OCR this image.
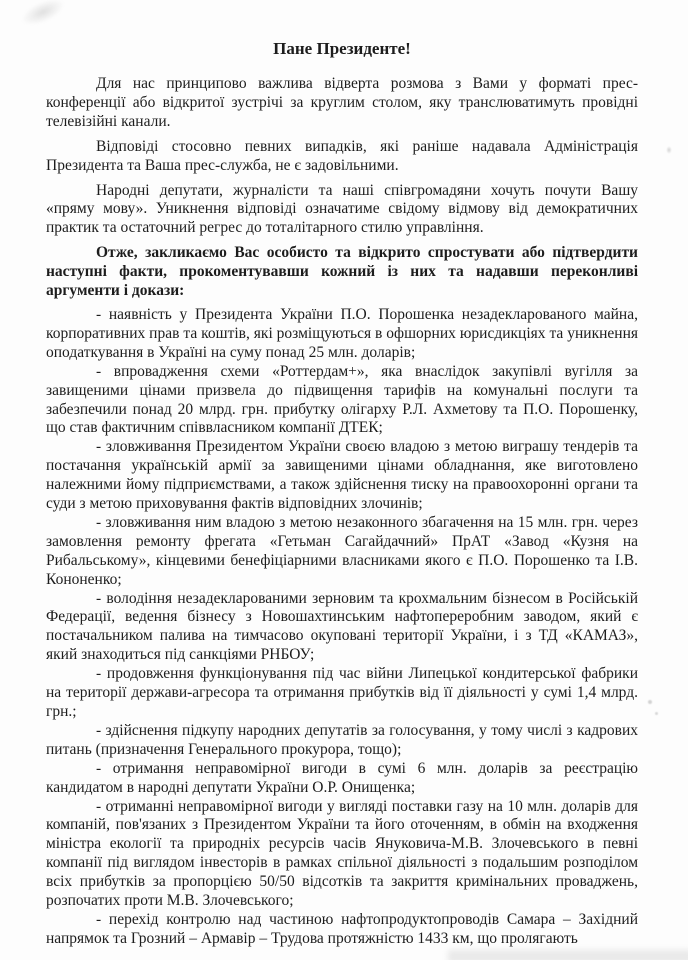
Пане Президенте!

Для нас принципово важлива відверта розмова з Вами у форматі прес-конференції або відкритої зустрічі за круглим столом, яку транслюватимуть провідні телевізійні канали.

Відповіді стосовно певних випадків, які раніше надавала Адміністрація Президента та Ваша прес-служба, не є задовільними.

Народні депутати, журналісти та наші співгромадяни хочуть почути Вашу «пряму мову». Уникнення відповіді означатиме свідому відмову від демократичних практик та остаточний регрес до тоталітарного стилю управління.

Отже, закликаємо Вас особисто та відкрито спростувати або підтвердити наступні факти, прокоментувавши кожний із них та надавши переконливі аргументи і докази:

- наявність у Президента України П.О. Порошенка незадекларованого майна, корпоративних прав та коштів, які розміщуються в офшорних юрисдикціях та уникнення оподаткування в Україні на суму понад 25 млн. доларів;

- впровадження схеми «Роттердам+», яка внаслідок закупівлі вугілля за завищеними цінами призвела до підвищення тарифів на комунальні послуги та забезпечили понад 20 млрд. грн. прибутку олігарху Р.Л. Ахметову та П.О. Порошенку, що став фактичним співвласником компанії ДТЕК;

- зловживання Президентом України своєю владою з метою виграшу тендерів та постачання українській армії за завищеними цінами обладнання, яке виготовлено належними йому підприємствами, а також здійснення тиску на правоохоронні органи та суди з метою приховування фактів відповідних злочинів;

- зловживання ним владою з метою незаконного збагачення на 15 млн. грн. через замовлення ремонту фрегата «Гетьман Сагайдачний» ПрАТ «Завод «Кузня на Рибальському», кінцевими бенефіціарними власниками якого є П.О. Порошенко та І.В. Кононенко;

- володіння незадекларованими зерновим та крохмальним бізнесом в Російській Федерації, ведення бізнесу з Новошахтинським нафтопереробним заводом, який є постачальником палива на тимчасово окуповані території України, і з ТД «КАМАЗ», який знаходиться під санкціями РНБОУ;

- продовження функціонування під час війни Липецької кондитерської фабрики на території держави-агресора та отримання прибутків від її діяльності у сумі 1,4 млрд. грн.;

- здійснення підкупу народних депутатів за голосування, у тому числі з кадрових питань (призначення Генерального прокурора, тощо);

- отримання неправомірної вигоди в сумі 6 млн. доларів за реєстрацію кандидатом в народні депутати України О.Р. Онищенка;

- отриманні неправомірної вигоди у вигляді поставки газу на 10 млн. доларів для компаній, пов'язаних з Президентом України та його оточенням, в обмін на входження міністра екології та природніх ресурсів часів Януковича-М.В. Злочевського в певні компанії під виглядом інвесторів в рамках спільної діяльності з подальшим розподілом всіх прибутків за пропорцією 50/50 відсотків та закриття кримінальних проваджень, розпочатих проти М.В. Злочевського;

- перехід контролю над частиною нафтопродуктопроводів Самара – Західний напрямок та Грозний – Армавір – Трудова протяжністю 1433 км, що пролягають
